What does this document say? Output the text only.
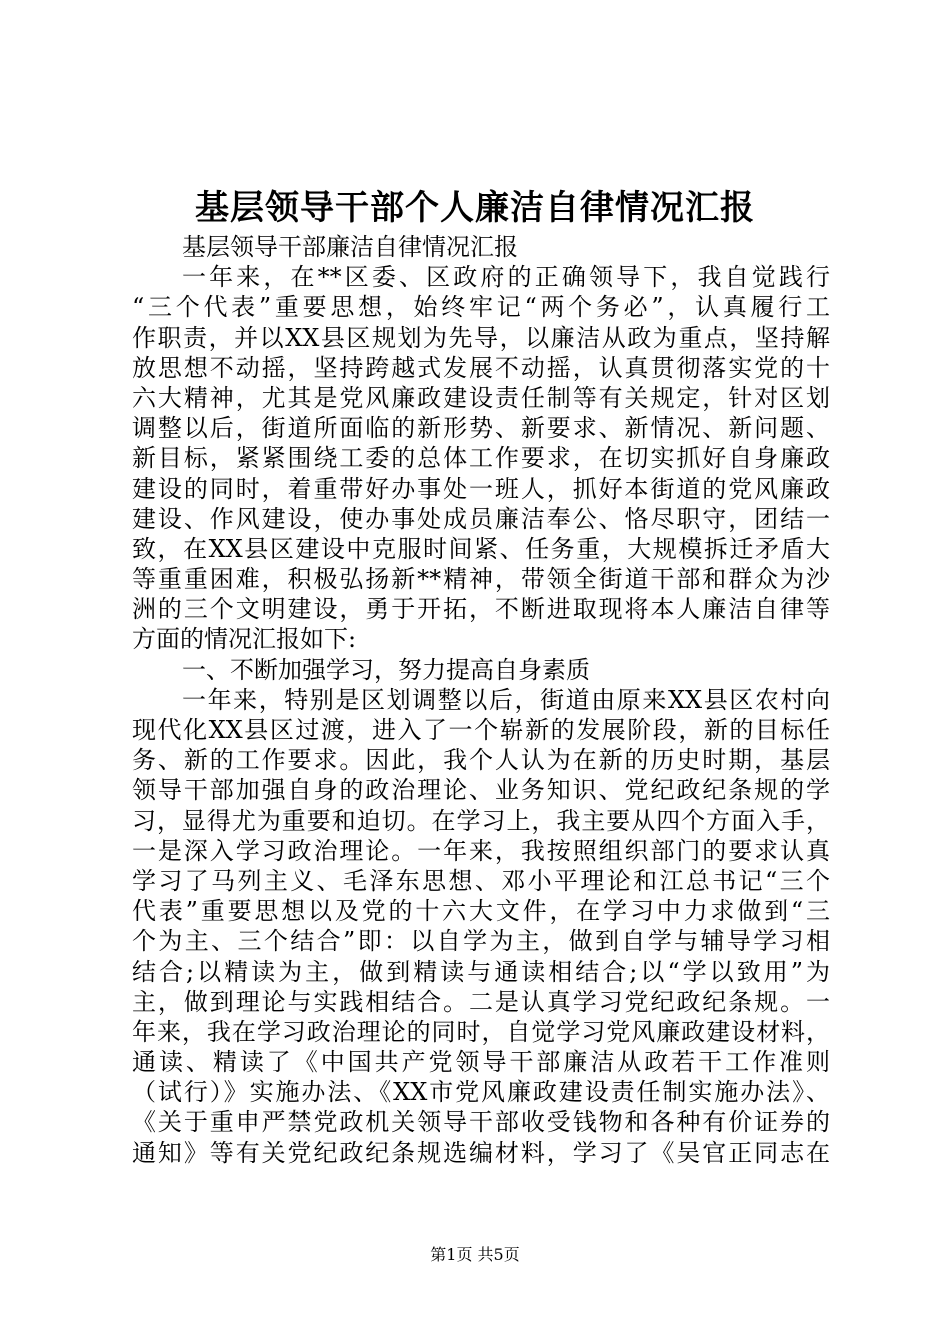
基层领导干部个人廉洁自律情况汇报
基层领导干部廉洁自律情况汇报
一年来，在**区委、区政府的正确领导下，我自觉践行
“三个代表”重要思想，始终牢记“两个务必”，认真履行工
作职责，并以XX县区规划为先导，以廉洁从政为重点，坚持解
放思想不动摇，坚持跨越式发展不动摇，认真贯彻落实党的十
六大精神，尤其是党风廉政建设责任制等有关规定，针对区划
调整以后，街道所面临的新形势、新要求、新情况、新问题、
新目标，紧紧围绕工委的总体工作要求，在切实抓好自身廉政
建设的同时，着重带好办事处一班人，抓好本街道的党风廉政
建设、作风建设，使办事处成员廉洁奉公、恪尽职守，团结一
致，在XX县区建设中克服时间紧、任务重，大规模拆迁矛盾大
等重重困难，积极弘扬新**精神，带领全街道干部和群众为沙
洲的三个文明建设，勇于开拓，不断进取现将本人廉洁自律等
方面的情况汇报如下:
一、不断加强学习，努力提高自身素质
一年来，特别是区划调整以后，街道由原来XX县区农村向
现代化XX县区过渡，进入了一个崭新的发展阶段，新的目标任
务、新的工作要求。因此，我个人认为在新的历史时期，基层
领导干部加强自身的政治理论、业务知识、党纪政纪条规的学
习，显得尤为重要和迫切。在学习上，我主要从四个方面入手，
一是深入学习政治理论。一年来，我按照组织部门的要求认真
学习了马列主义、毛泽东思想、邓小平理论和江总书记“三个
代表”重要思想以及党的十六大文件，在学习中力求做到“三
个为主、三个结合”即：以自学为主，做到自学与辅导学习相
结合;以精读为主，做到精读与通读相结合;以“学以致用”为
主，做到理论与实践相结合。二是认真学习党纪政纪条规。一
年来，我在学习政治理论的同时，自觉学习党风廉政建设材料，
通读、精读了《中国共产党领导干部廉洁从政若干工作准则
（试行）》实施办法、《XX市党风廉政建设责任制实施办法》、
《关于重申严禁党政机关领导干部收受钱物和各种有价证券的
通知》等有关党纪政纪条规选编材料，学习了《吴官正同志在
第1页 共5页
